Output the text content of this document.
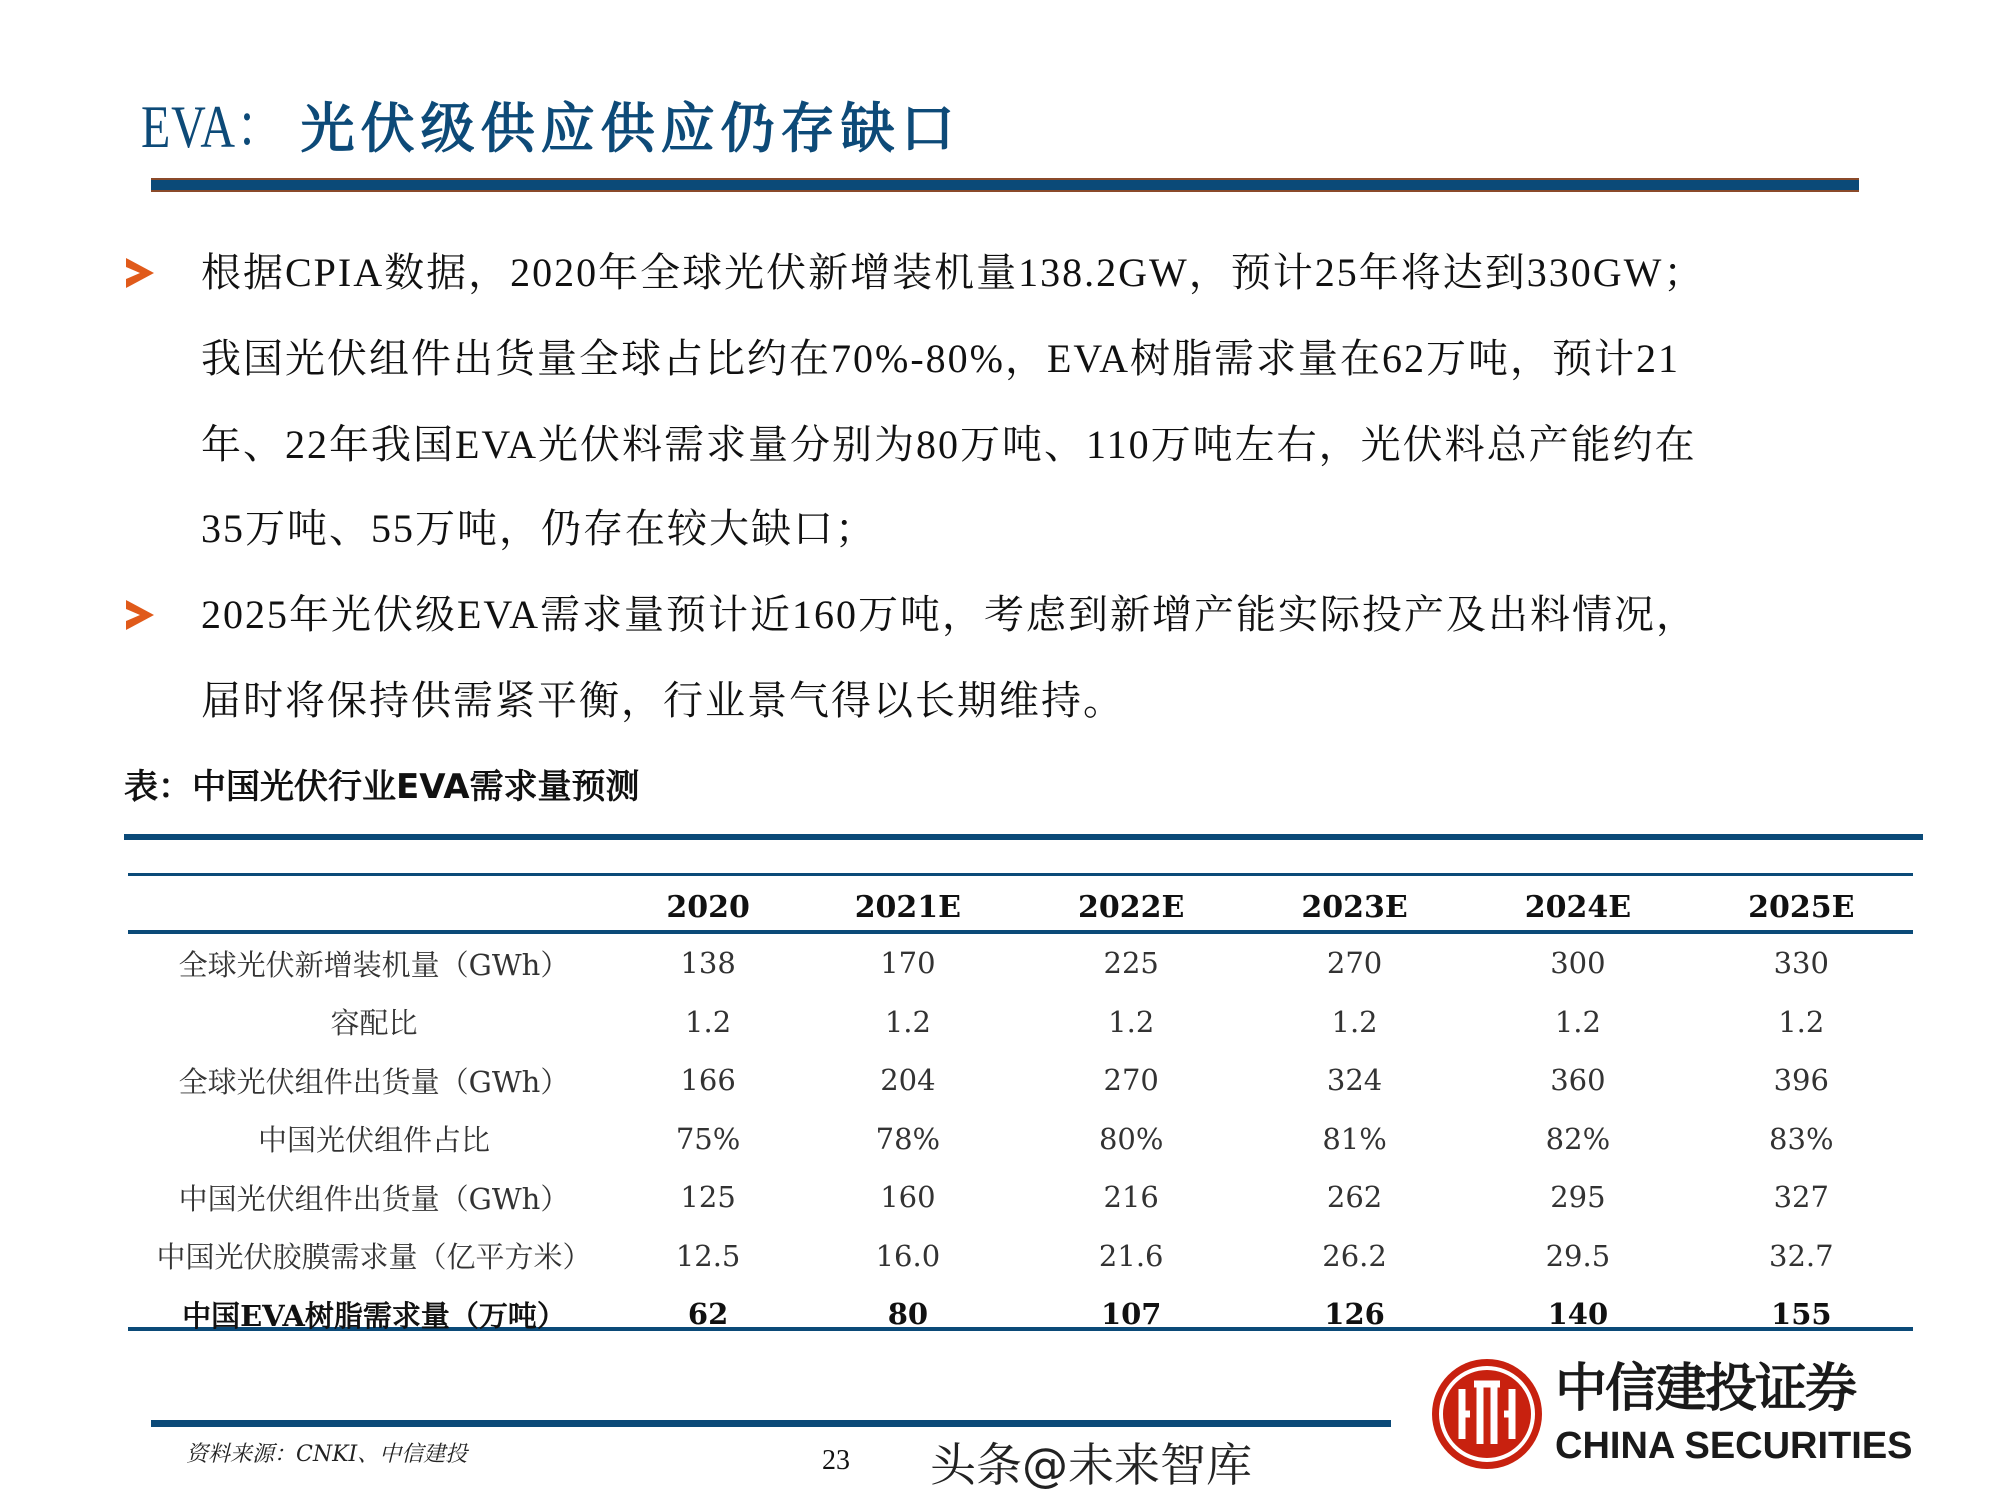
EVA： 光伏级供应供应仍存缺口
根据CPIA数据，2020年全球光伏新增装机量138.2GW，预计25年将达到330GW；
我国光伏组件出货量全球占比约在70%-80%，EVA树脂需求量在62万吨，预计21
年、22年我国EVA光伏料需求量分别为80万吨、110万吨左右，光伏料总产能约在
35万吨、55万吨，仍存在较大缺口；
2025年光伏级EVA需求量预计近160万吨，考虑到新增产能实际投产及出料情况，
届时将保持供需紧平衡，行业景气得以长期维持。
表：中国光伏行业EVA需求量预测
	2020	2021E	2022E	2023E	2024E	2025E
全球光伏新增装机量（GWh）	138	170	225	270	300	330
容配比	1.2	1.2	1.2	1.2	1.2	1.2
全球光伏组件出货量（GWh）	166	204	270	324	360	396
中国光伏组件占比	75%	78%	80%	81%	82%	83%
中国光伏组件出货量（GWh）	125	160	216	262	295	327
中国光伏胶膜需求量（亿平方米）	12.5	16.0	21.6	26.2	29.5	32.7
中国EVA树脂需求量（万吨）	62	80	107	126	140	155
资料来源：CNKI、中信建投	23
中信建投证券
CHINA SECURITIES
头条@未来智库
